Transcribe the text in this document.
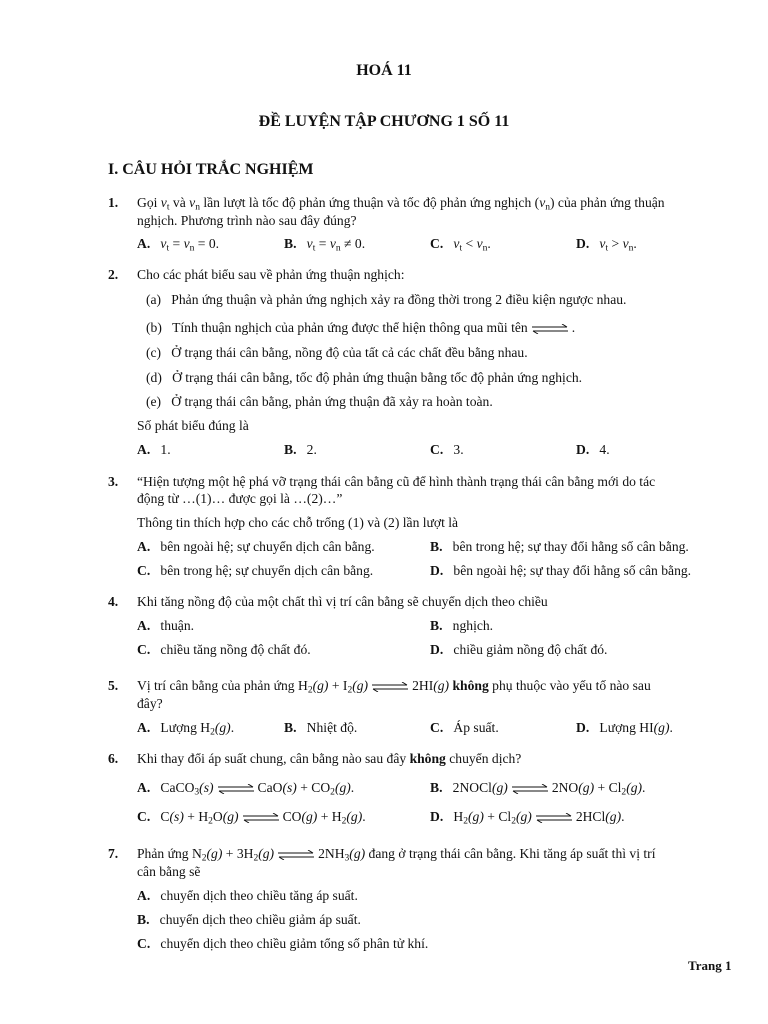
HOÁ 11
ĐỀ LUYỆN TẬP CHƯƠNG 1 SỐ 11
I. CÂU HỎI TRẮC NGHIỆM
1. Gọi $v_t$ và $v_n$ lần lượt là tốc độ phản ứng thuận và tốc độ phản ứng nghịch $(v_n)$ của phản ứng thuận
nghịch. Phương trình nào sau đây đúng?
A. $v_t = v_n = 0$.	B. $v_t = v_n \ne 0$.	C. $v_t < v_n$.	D. $v_t > v_n$.
2. Cho các phát biểu sau về phản ứng thuận nghịch:
(a) Phản ứng thuận và phản ứng nghịch xảy ra đồng thời trong 2 điều kiện ngược nhau.
(b) Tính thuận nghịch của phản ứng được thể hiện thông qua mũi tên ⇌ .
(c) Ở trạng thái cân bằng, nồng độ của tất cả các chất đều bằng nhau.
(d) Ở trạng thái cân bằng, tốc độ phản ứng thuận bằng tốc độ phản ứng nghịch.
(e) Ở trạng thái cân bằng, phản ứng thuận đã xảy ra hoàn toàn.
Số phát biểu đúng là
A. 1.	B. 2.	C. 3.	D. 4.
3. “Hiện tượng một hệ phá vỡ trạng thái cân bằng cũ để hình thành trạng thái cân bằng mới do tác
động từ …(1)… được gọi là …(2)…”
Thông tin thích hợp cho các chỗ trống (1) và (2) lần lượt là
A. bên ngoài hệ; sự chuyển dịch cân bằng.	B. bên trong hệ; sự thay đổi hằng số cân bằng.
C. bên trong hệ; sự chuyển dịch cân bằng.	D. bên ngoài hệ; sự thay đổi hằng số cân bằng.
4. Khi tăng nồng độ của một chất thì vị trí cân bằng sẽ chuyển dịch theo chiều
A. thuận.	B. nghịch.
C. chiều tăng nồng độ chất đó.	D. chiều giảm nồng độ chất đó.
5. Vị trí cân bằng của phản ứng $H_2(g) + I_2(g)$ ⇌ 2HI(g) không phụ thuộc vào yếu tố nào sau
đây?
A. Lượng $H_2(g)$.	B. Nhiệt độ.	C. Áp suất.	D. Lượng HI(g).
6. Khi thay đổi áp suất chung, cân bằng nào sau đây không chuyển dịch?
A. CaCO$_3$(s) ⇌ $CaO(s) + CO_2(g)$.	B. 2NOCl(g) ⇌ $2NO(g) + Cl_2(g)$.
C. $C(s) + H_2O(g)$ ⇌ $CO(g) + H_2(g)$.	D. $H_2(g) + Cl_2(g)$ ⇌ 2HCl(g).
7. Phản ứng $N_2(g) + 3H_2(g)$ ⇌ $2NH_3(g)$ đang ở trạng thái cân bằng. Khi tăng áp suất thì vị trí
cân bằng sẽ
A. chuyển dịch theo chiều tăng áp suất.
B. chuyển dịch theo chiều giảm áp suất.
C. chuyển dịch theo chiều giảm tổng số phân tử khí.
Trang 1
